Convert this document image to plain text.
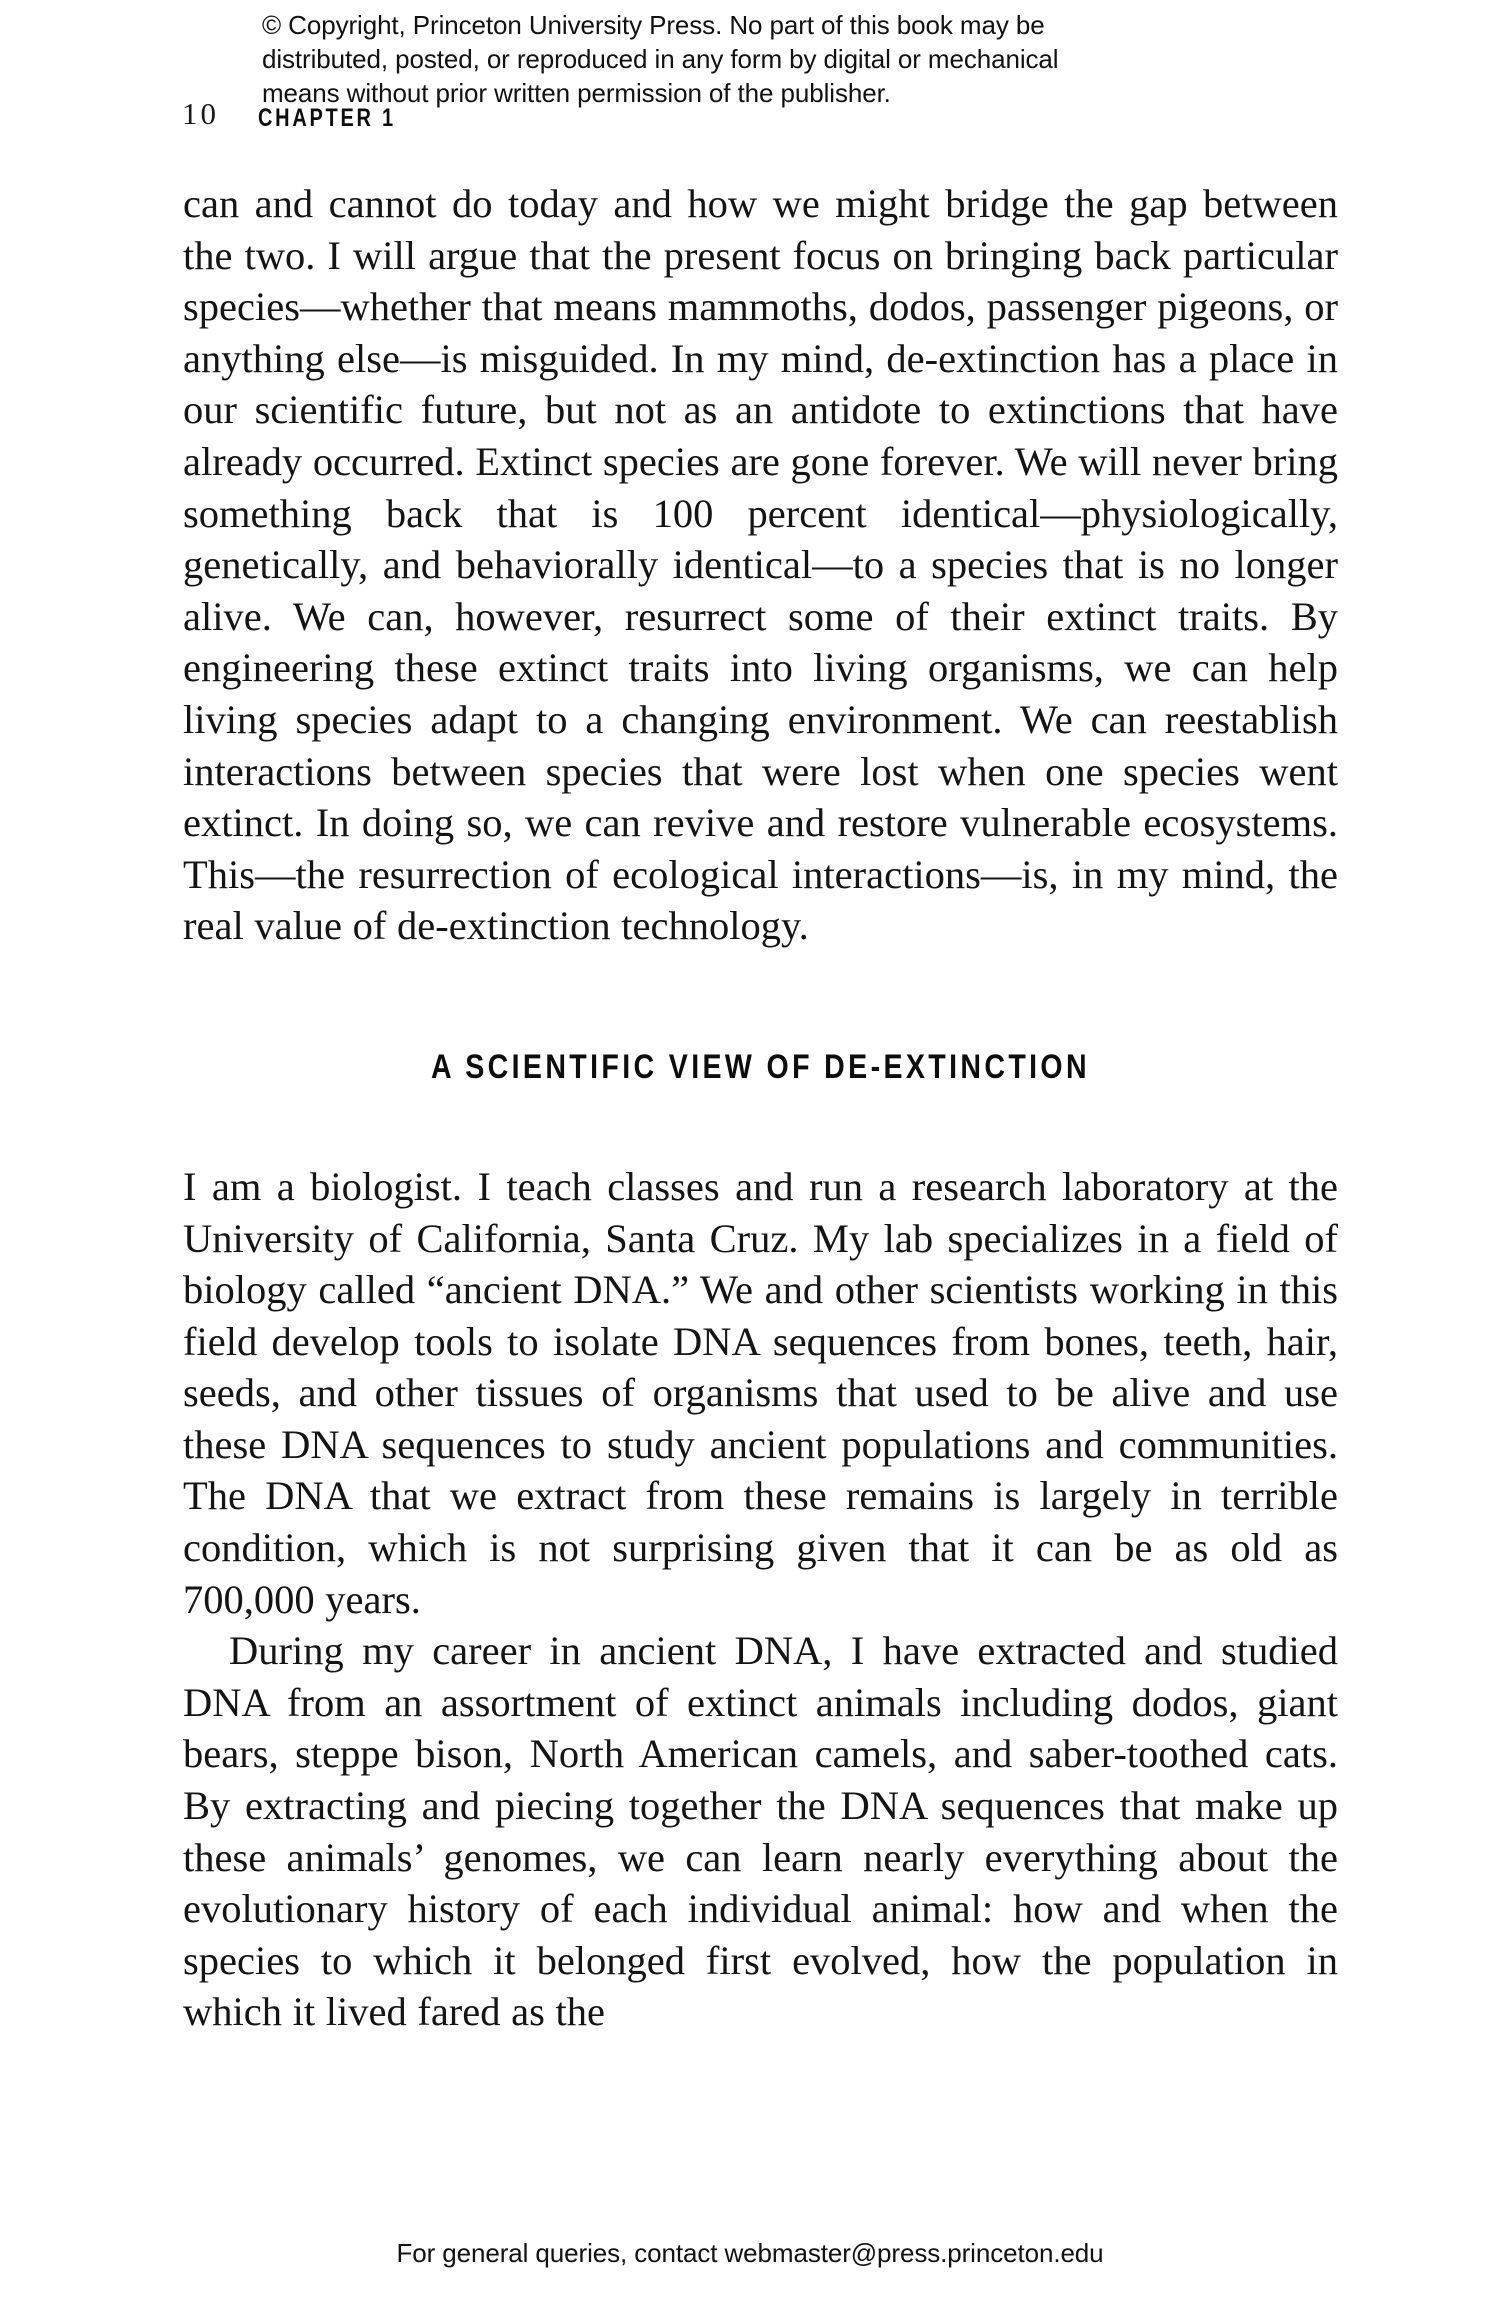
© Copyright, Princeton University Press. No part of this book may be
distributed, posted, or reproduced in any form by digital or mechanical
means without prior written permission of the publisher.
10 CHAPTER 1

can and cannot do today and how we might bridge the gap between the two. I will argue that the present focus on bringing back particular species—whether that means mammoths, dodos, passenger pigeons, or anything else—is misguided. In my mind, de-extinction has a place in our scientific future, but not as an antidote to extinctions that have already occurred. Extinct species are gone forever. We will never bring something back that is 100 percent identical—physiologically, genetically, and behaviorally identical—to a species that is no longer alive. We can, however, resurrect some of their extinct traits. By engineering these extinct traits into living organisms, we can help living species adapt to a changing environment. We can reestablish interactions between species that were lost when one species went extinct. In doing so, we can revive and restore vulnerable ecosystems. This—the resurrection of ecological interactions—is, in my mind, the real value of de-extinction technology.

A SCIENTIFIC VIEW OF DE-EXTINCTION

I am a biologist. I teach classes and run a research laboratory at the University of California, Santa Cruz. My lab specializes in a field of biology called “ancient DNA.” We and other scientists working in this field develop tools to isolate DNA sequences from bones, teeth, hair, seeds, and other tissues of organisms that used to be alive and use these DNA sequences to study ancient populations and communities. The DNA that we extract from these remains is largely in terrible condition, which is not surprising given that it can be as old as 700,000 years.

During my career in ancient DNA, I have extracted and studied DNA from an assortment of extinct animals including dodos, giant bears, steppe bison, North American camels, and saber-toothed cats. By extracting and piecing together the DNA sequences that make up these animals’ genomes, we can learn nearly everything about the evolutionary history of each individual animal: how and when the species to which it belonged first evolved, how the population in which it lived fared as the

For general queries, contact webmaster@press.princeton.edu
